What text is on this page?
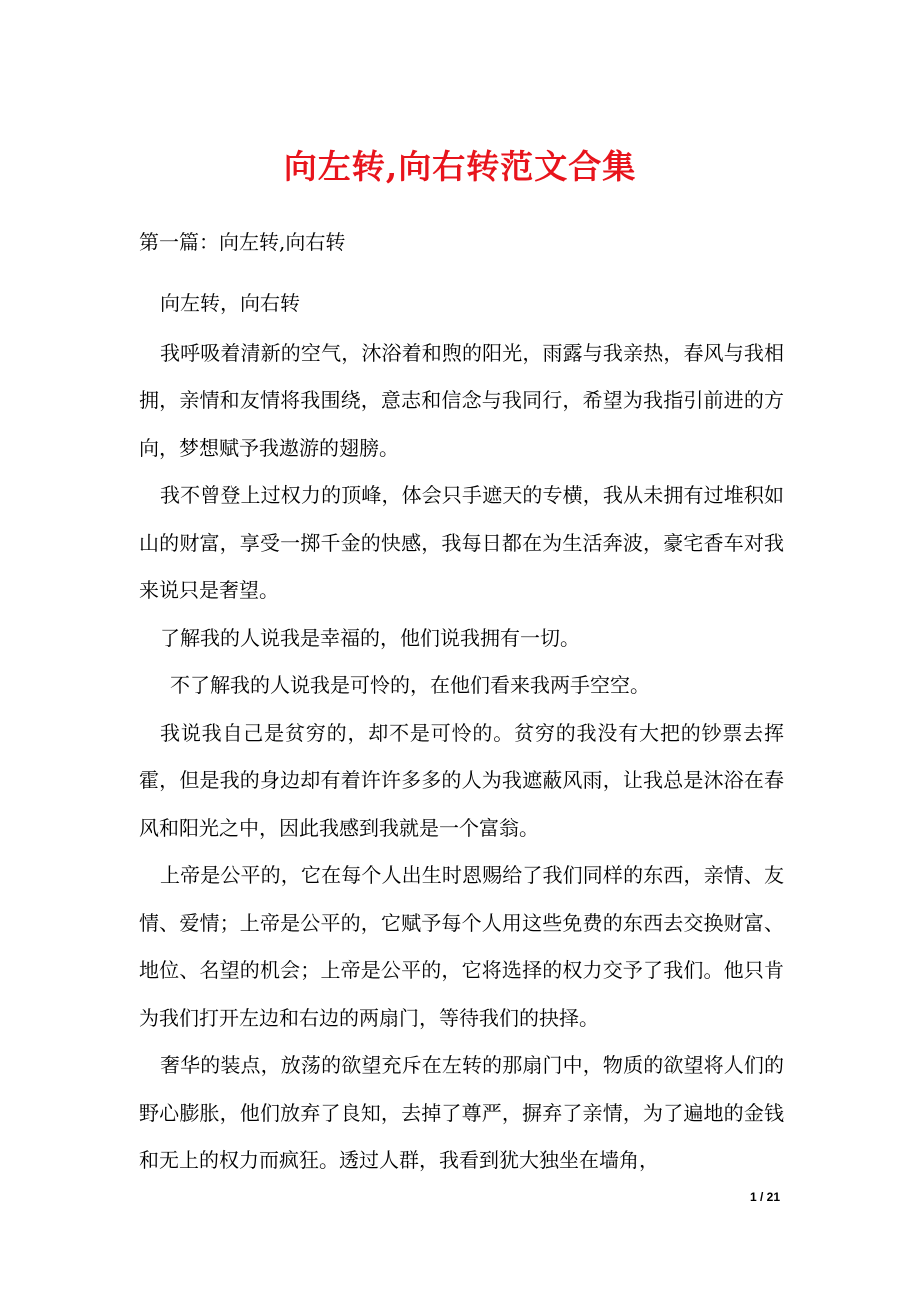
向左转,向右转范文合集

第一篇：向左转,向右转

向左转，向右转

我呼吸着清新的空气，沐浴着和煦的阳光，雨露与我亲热，春风与我相拥，亲情和友情将我围绕，意志和信念与我同行，希望为我指引前进的方向，梦想赋予我遨游的翅膀。

我不曾登上过权力的顶峰，体会只手遮天的专横，我从未拥有过堆积如山的财富，享受一掷千金的快感，我每日都在为生活奔波，豪宅香车对我来说只是奢望。

了解我的人说我是幸福的，他们说我拥有一切。

不了解我的人说我是可怜的，在他们看来我两手空空。

我说我自己是贫穷的，却不是可怜的。贫穷的我没有大把的钞票去挥霍，但是我的身边却有着许许多多的人为我遮蔽风雨，让我总是沐浴在春风和阳光之中，因此我感到我就是一个富翁。

上帝是公平的，它在每个人出生时恩赐给了我们同样的东西，亲情、友情、爱情；上帝是公平的，它赋予每个人用这些免费的东西去交换财富、地位、名望的机会；上帝是公平的，它将选择的权力交予了我们。他只肯为我们打开左边和右边的两扇门，等待我们的抉择。

奢华的装点，放荡的欲望充斥在左转的那扇门中，物质的欲望将人们的野心膨胀，他们放弃了良知，去掉了尊严，摒弃了亲情，为了遍地的金钱和无上的权力而疯狂。透过人群，我看到犹大独坐在墙角，

1 / 21
